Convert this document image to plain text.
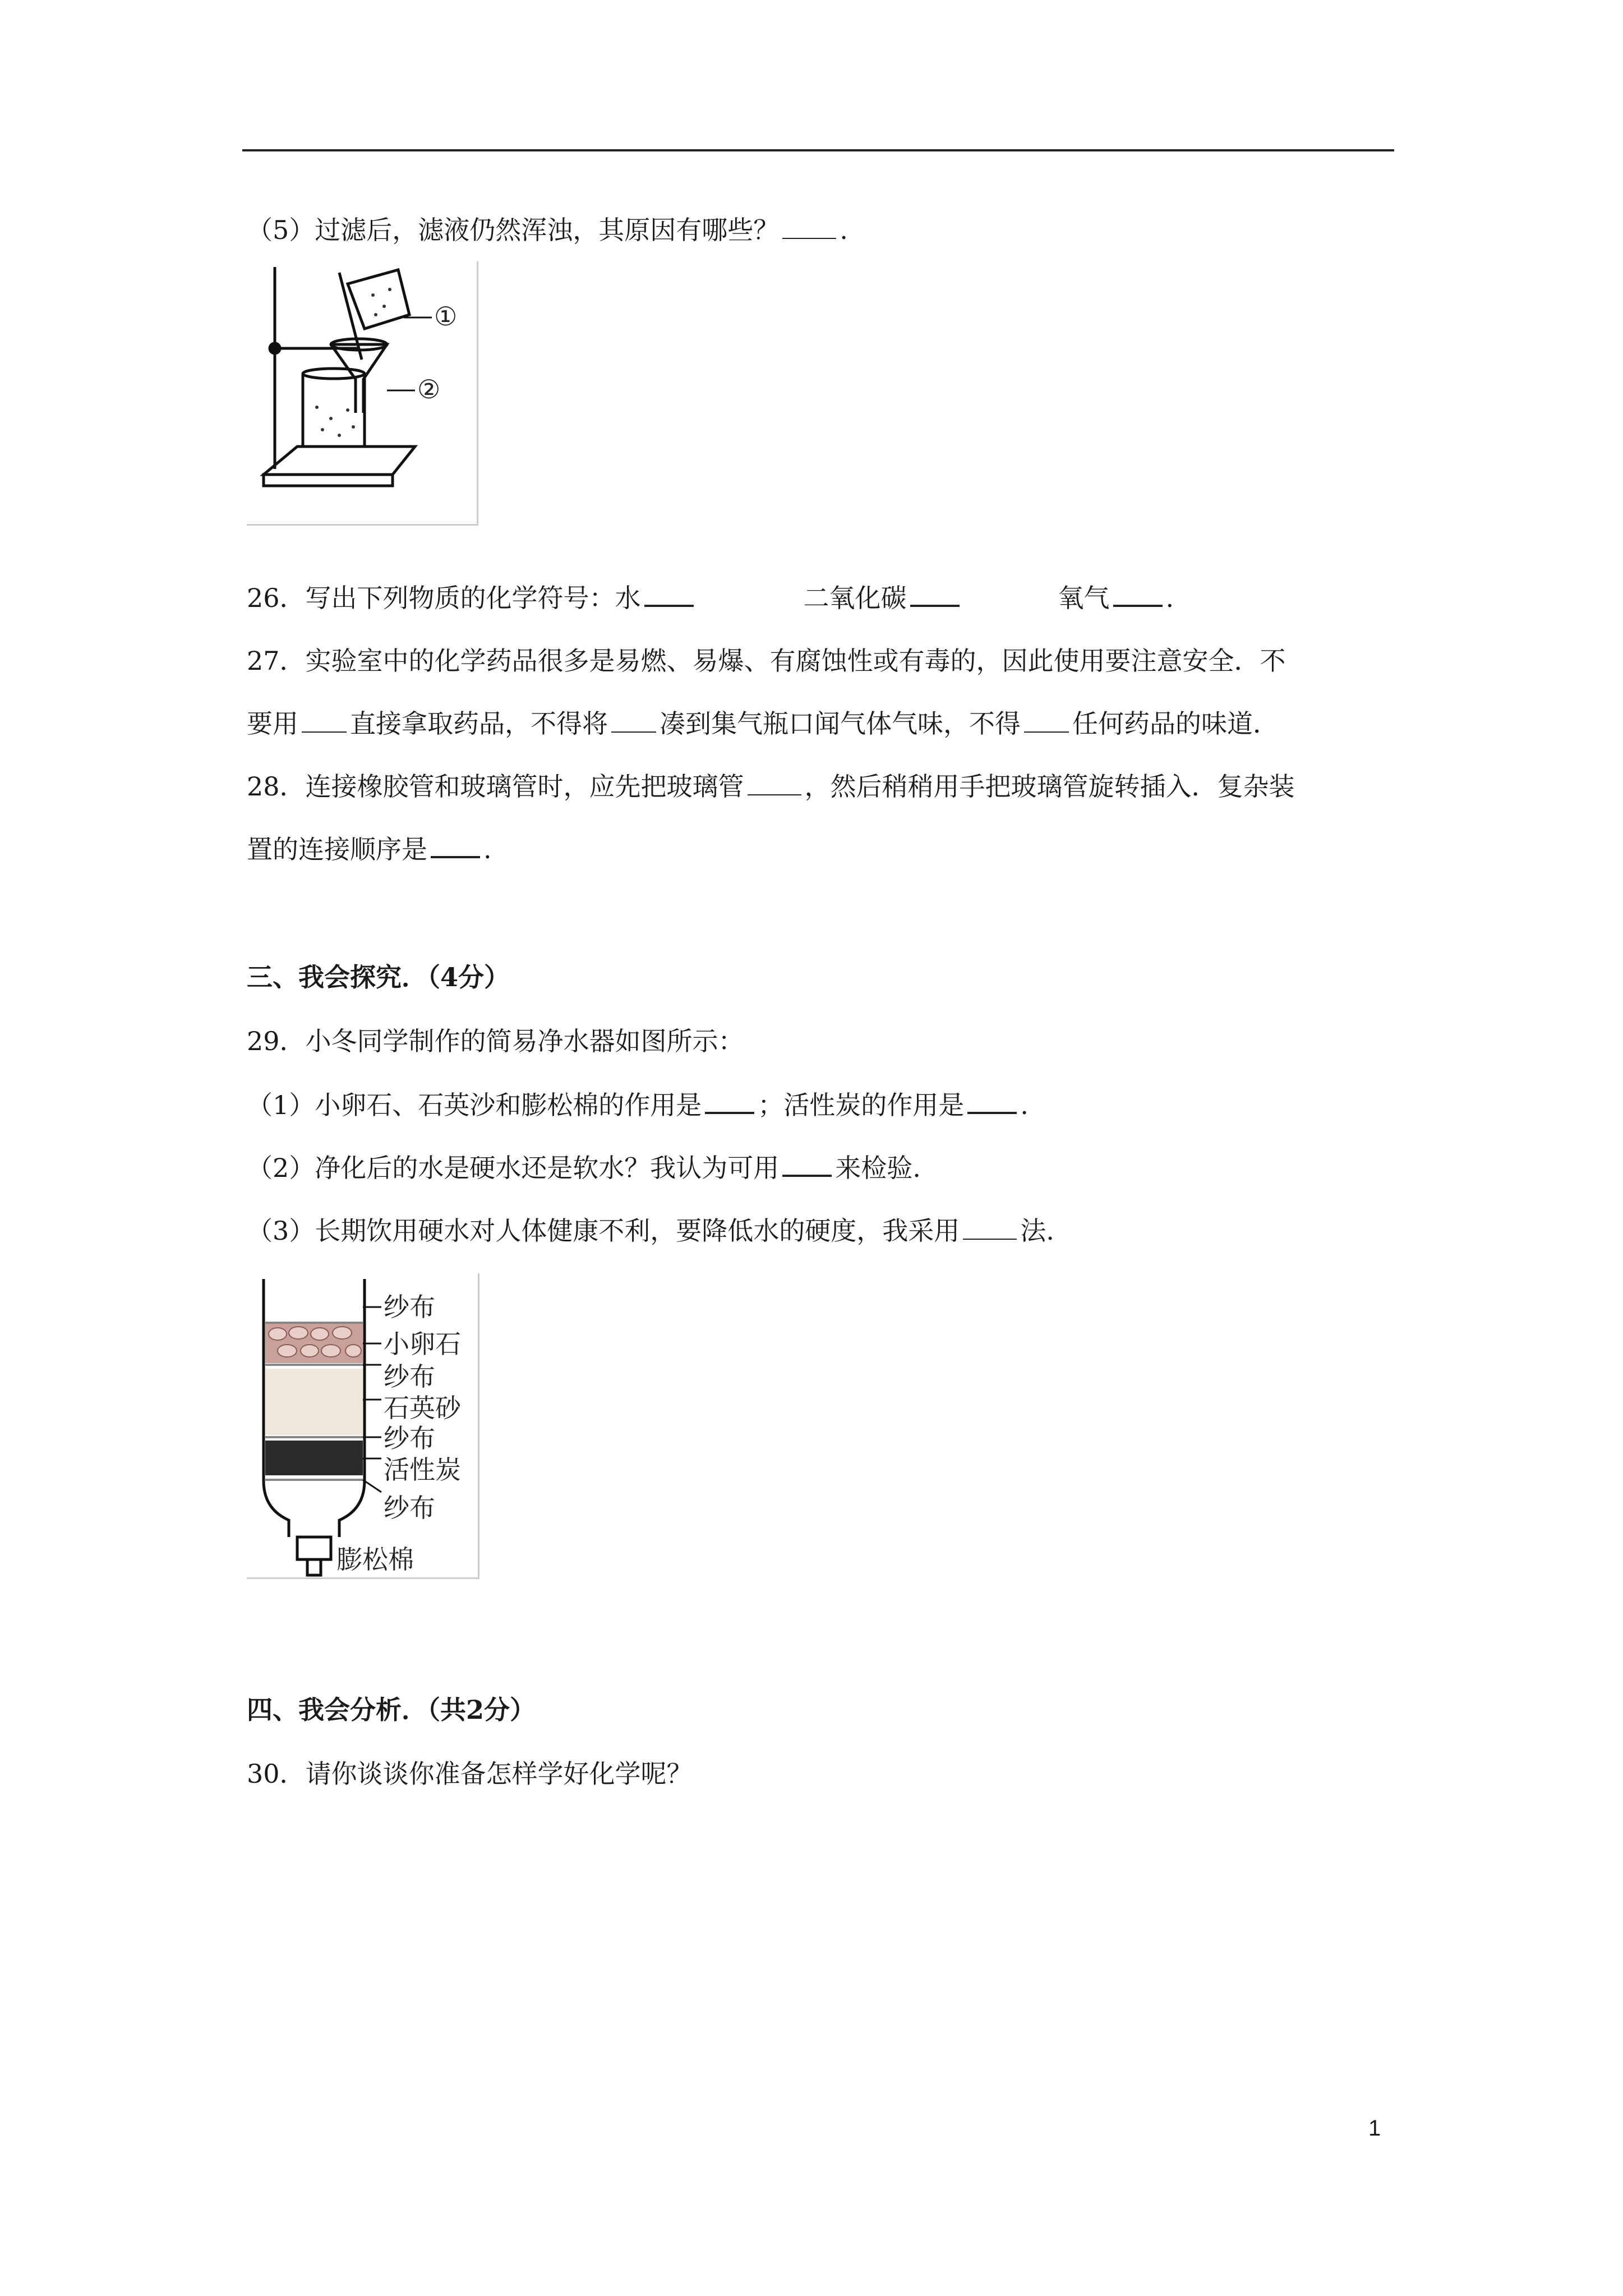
（5）过滤后，滤液仍然浑浊，其原因有哪些？ .
①
②
26．写出下列物质的化学符号：水	二氧化碳	氧气 .
27．实验室中的化学药品很多是易燃、易爆、有腐蚀性或有毒的，因此使用要注意安全．不
要用 直接拿取药品，不得将 凑到集气瓶口闻气体气味，不得 任何药品的味道．
28．连接橡胶管和玻璃管时，应先把玻璃管 ，然后稍稍用手把玻璃管旋转插入．复杂装
置的连接顺序是 .
三、我会探究．（4分）
29．小冬同学制作的简易净水器如图所示：
（1）小卵石、石英沙和膨松棉的作用是 ；活性炭的作用是 .
（2）净化后的水是硬水还是软水？我认为可用 来检验.
（3）长期饮用硬水对人体健康不利，要降低水的硬度，我采用 法.
纱布
小卵石
纱布
石英砂
纱布
活性炭
纱布
膨松棉
四、我会分析．（共2分）
30．请你谈谈你准备怎样学好化学呢？
1
